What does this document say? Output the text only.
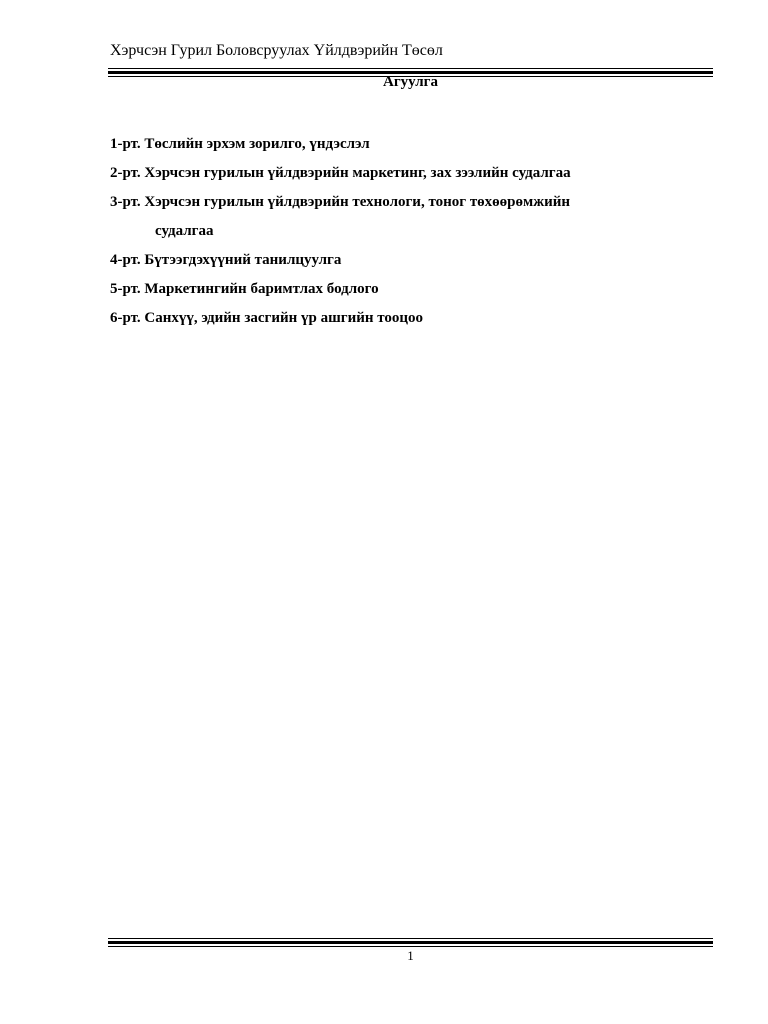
Хэрчсэн Гурил Боловсруулах Үйлдвэрийн Төсөл
Агуулга
1-рт. Төслийн эрхэм зорилго, үндэслэл
2-рт. Хэрчсэн гурилын үйлдвэрийн маркетинг, зах зээлийн судалгаа
3-рт. Хэрчсэн гурилын үйлдвэрийн технологи, тоног төхөөрөмжийн
судалгаа
4-рт. Бүтээгдэхүүний танилцуулга
5-рт. Маркетингийн баримтлах бодлого
6-рт. Санхүү, эдийн засгийн үр ашгийн тооцоо
1
